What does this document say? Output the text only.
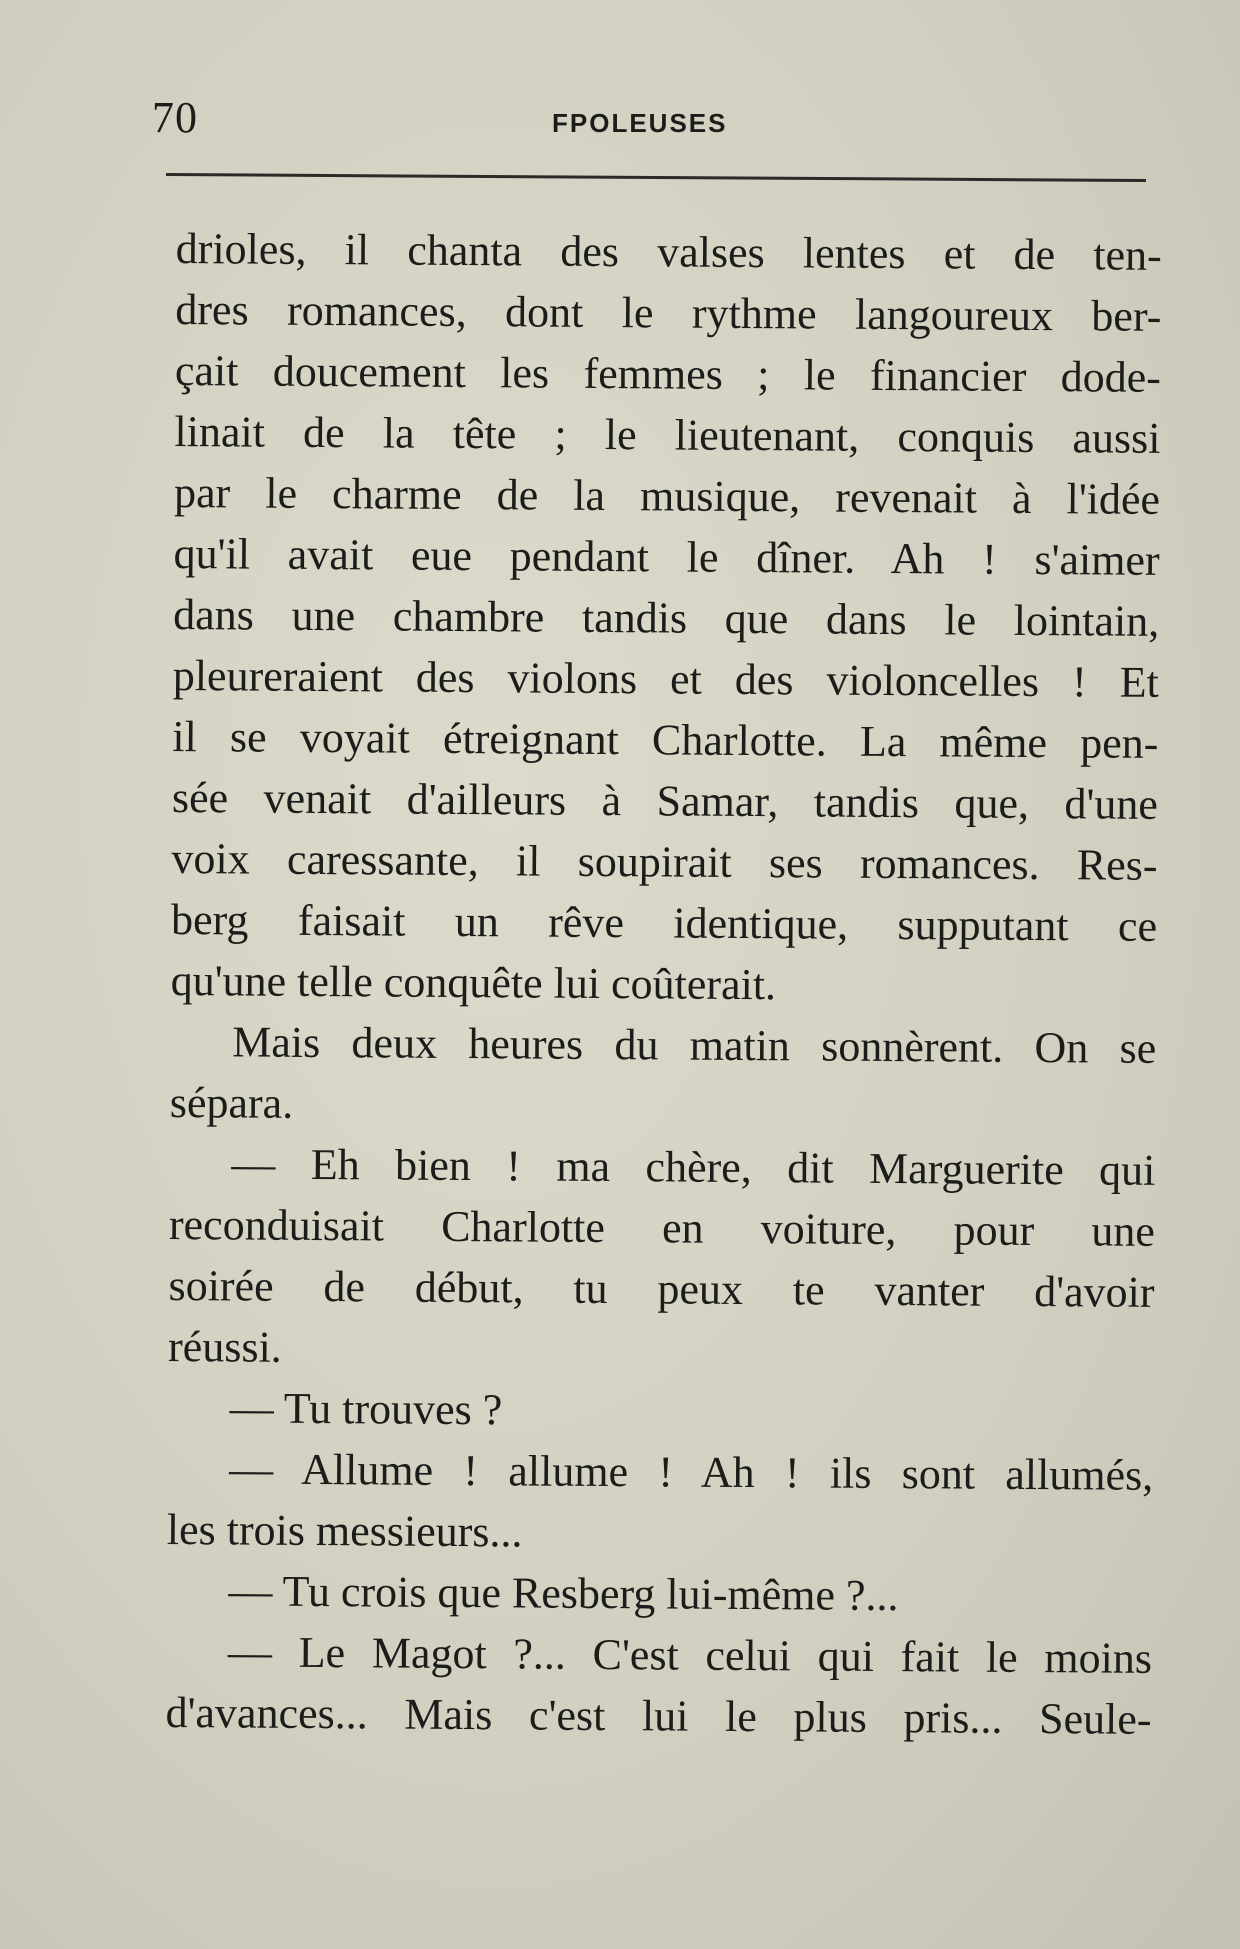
70	FPOLEUSES
drioles, il chanta des valses lentes et de ten-
dres romances, dont le rythme langoureux ber-
çait doucement les femmes ; le financier dode-
linait de la tête ; le lieutenant, conquis aussi
par le charme de la musique, revenait à l'idée
qu'il avait eue pendant le dîner. Ah ! s'aimer
dans une chambre tandis que dans le lointain,
pleureraient des violons et des violoncelles ! Et
il se voyait étreignant Charlotte. La même pen-
sée venait d'ailleurs à Samar, tandis que, d'une
voix caressante, il soupirait ses romances. Res-
berg faisait un rêve identique, supputant ce
qu'une telle conquête lui coûterait.
Mais deux heures du matin sonnèrent. On se
sépara.
— Eh bien ! ma chère, dit Marguerite qui
reconduisait Charlotte en voiture, pour une
soirée de début, tu peux te vanter d'avoir
réussi.
— Tu trouves ?
— Allume ! allume ! Ah ! ils sont allumés,
les trois messieurs...
— Tu crois que Resberg lui-même ?...
— Le Magot ?... C'est celui qui fait le moins
d'avances... Mais c'est lui le plus pris... Seule-
